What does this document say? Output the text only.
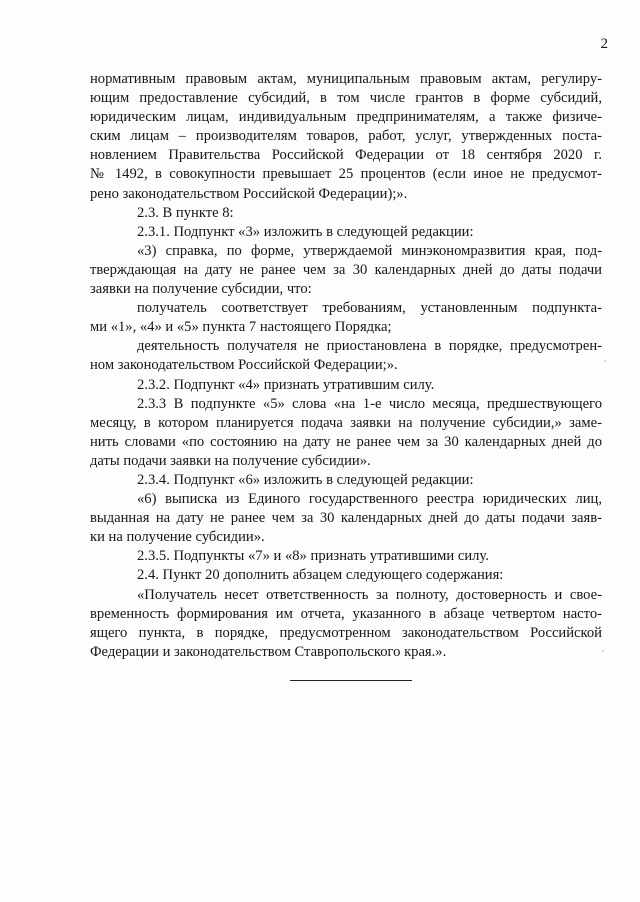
2
нормативным правовым актам, муниципальным правовым актам, регулиру-
ющим предоставление субсидий, в том числе грантов в форме субсидий,
юридическим лицам, индивидуальным предпринимателям, а также физиче-
ским лицам – производителям товаров, работ, услуг, утвержденных поста-
новлением Правительства Российской Федерации от 18 сентября 2020 г.
№ 1492, в совокупности превышает 25 процентов (если иное не предусмот-
рено законодательством Российской Федерации);».
2.3. В пункте 8:
2.3.1. Подпункт «3» изложить в следующей редакции:
«3) справка, по форме, утверждаемой минэкономразвития края, под-
тверждающая на дату не ранее чем за 30 календарных дней до даты подачи
заявки на получение субсидии, что:
получатель соответствует требованиям, установленным подпункта-
ми «1», «4» и «5» пункта 7 настоящего Порядка;
деятельность получателя не приостановлена в порядке, предусмотрен-
ном законодательством Российской Федерации;».
2.3.2. Подпункт «4» признать утратившим силу.
2.3.3 В подпункте «5» слова «на 1-е число месяца, предшествующего
месяцу, в котором планируется подача заявки на получение субсидии,» заме-
нить словами «по состоянию на дату не ранее чем за 30 календарных дней до
даты подачи заявки на получение субсидии».
2.3.4. Подпункт «6» изложить в следующей редакции:
«6) выписка из Единого государственного реестра юридических лиц,
выданная на дату не ранее чем за 30 календарных дней до даты подачи заяв-
ки на получение субсидии».
2.3.5. Подпункты «7» и «8» признать утратившими силу.
2.4. Пункт 20 дополнить абзацем следующего содержания:
«Получатель несет ответственность за полноту, достоверность и свое-
временность формирования им отчета, указанного в абзаце четвертом насто-
ящего пункта, в порядке, предусмотренном законодательством Российской
Федерации и законодательством Ставропольского края.».
